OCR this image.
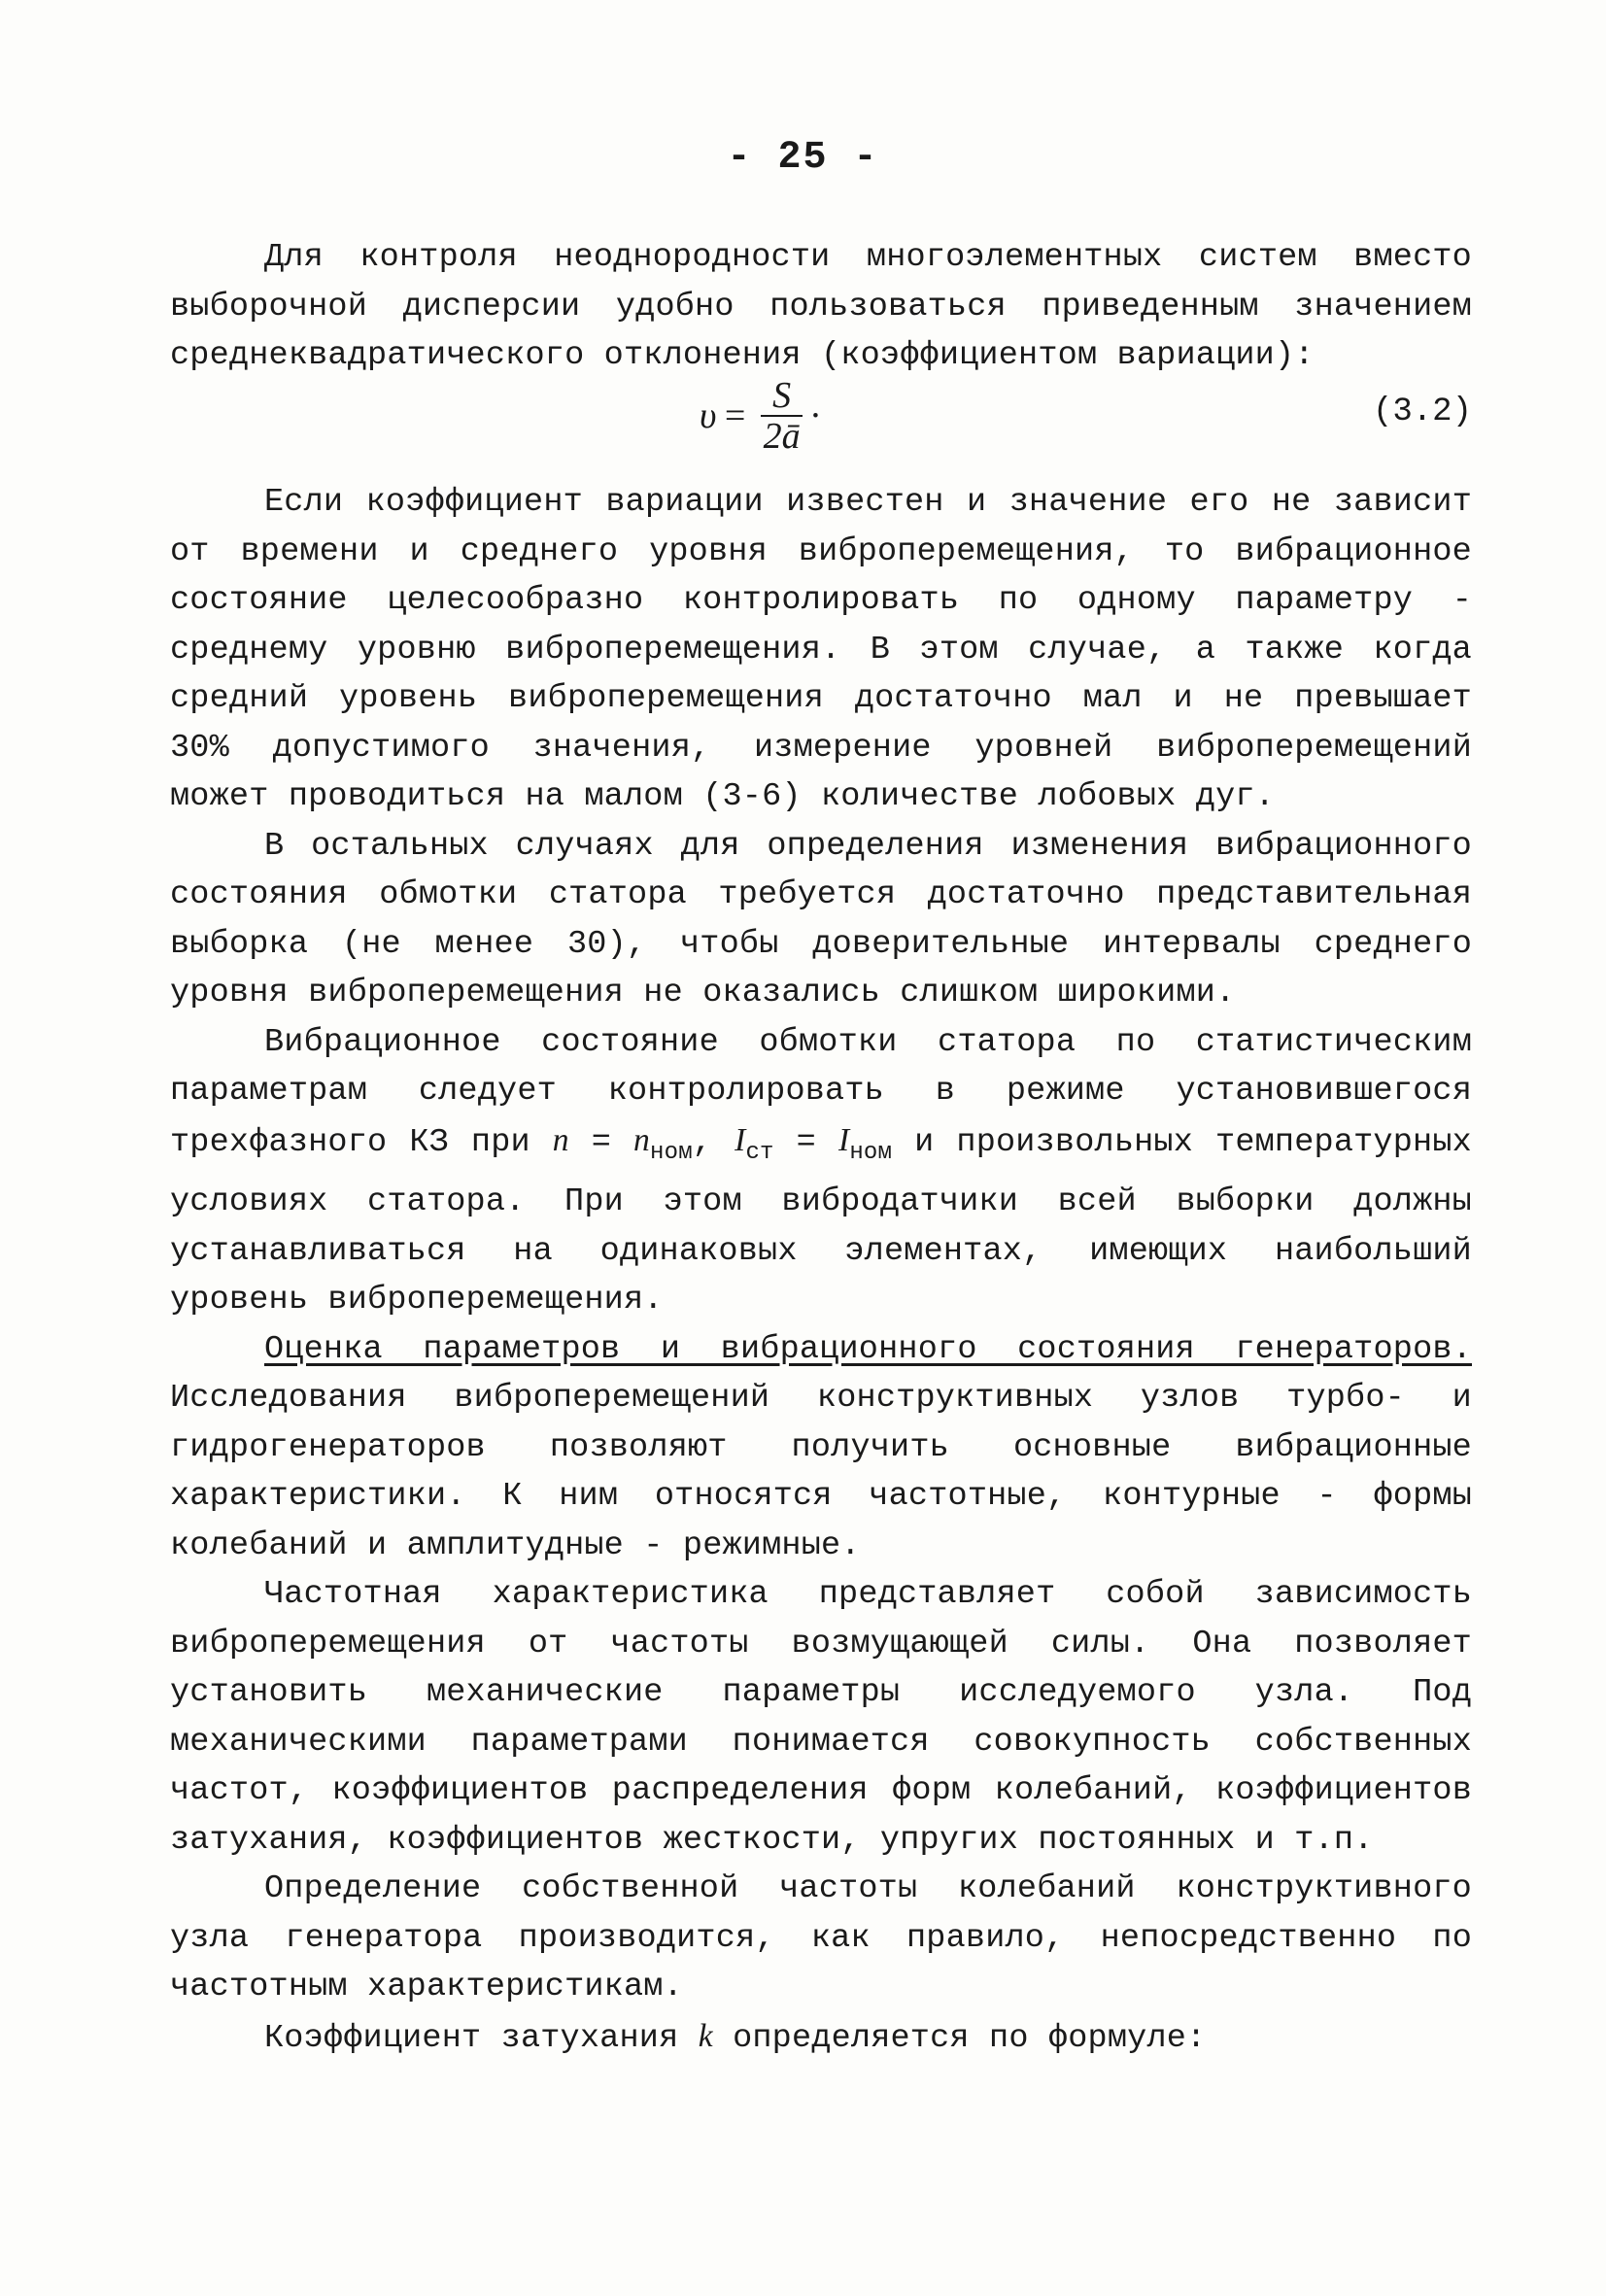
- 25 -

Для контроля неоднородности многоэлементных систем вместо выборочной дисперсии удобно пользоваться приведенным значением среднеквадратического отклонения (коэффициентом вариации):

$\upsilon = \frac{S}{2ā}$ ·	(3.2)

Если коэффициент вариации известен и значение его не зависит от времени и среднего уровня виброперемещения, то вибрационное состояние целесообразно контролировать по одному параметру - среднему уровню виброперемещения. В этом случае, а также когда средний уровень виброперемещения достаточно мал и не превышает 30% допустимого значения, измерение уровней виброперемещений может проводиться на малом (3-6) количестве лобовых дуг.

В остальных случаях для определения изменения вибрационного состояния обмотки статора требуется достаточно представительная выборка (не менее 30), чтобы доверительные интервалы среднего уровня виброперемещения не оказались слишком широкими.

Вибрационное состояние обмотки статора по статистическим параметрам следует контролировать в режиме установившегося трехфазного КЗ при $n = n_{ном}$, $I_{ст} = I_{ном}$ и произвольных температурных условиях статора. При этом вибродатчики всей выборки должны устанавливаться на одинаковых элементах, имеющих наибольший уровень виброперемещения.

Оценка параметров и вибрационного состояния генераторов. Исследования виброперемещений конструктивных узлов турбо- и гидрогенераторов позволяют получить основные вибрационные характеристики. К ним относятся частотные, контурные - формы колебаний и амплитудные - режимные.

Частотная характеристика представляет собой зависимость виброперемещения от частоты возмущающей силы. Она позволяет установить механические параметры исследуемого узла. Под механическими параметрами понимается совокупность собственных частот, коэффициентов распределения форм колебаний, коэффициентов затухания, коэффициентов жесткости, упругих постоянных и т.п.

Определение собственной частоты колебаний конструктивного узла генератора производится, как правило, непосредственно по частотным характеристикам.

Коэффициент затухания k определяется по формуле:
